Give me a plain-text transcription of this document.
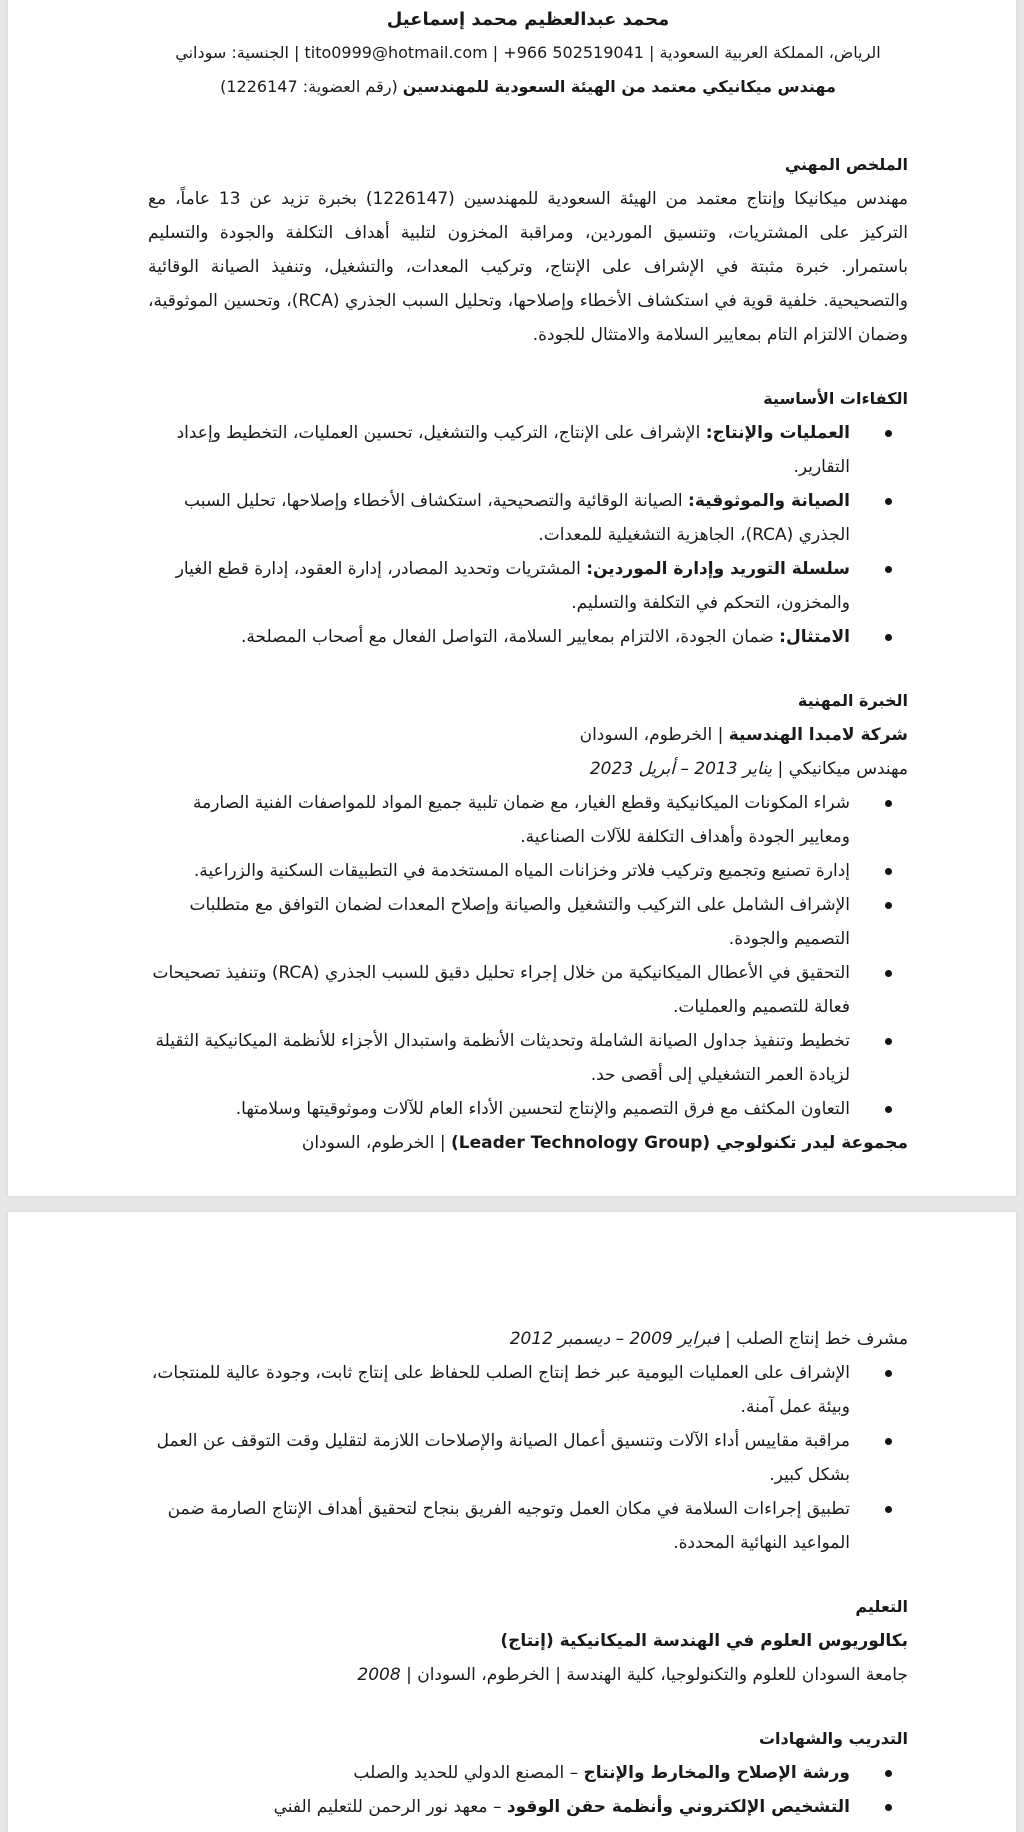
محمد عبدالعظيم محمد إسماعيل
الرياض، المملكة العربية السعودية | 502519041 966+ | tito0999@hotmail.com | الجنسية: سوداني
مهندس ميكانيكي معتمد من الهيئة السعودية للمهندسين (رقم العضوية: 1226147)
الملخص المهني
مهندس ميكانيكا وإنتاج معتمد من الهيئة السعودية للمهندسين (1226147) بخبرة تزيد عن 13 عاماً، مع التركيز على المشتريات، وتنسيق الموردين، ومراقبة المخزون لتلبية أهداف التكلفة والجودة والتسليم باستمرار. خبرة مثبتة في الإشراف على الإنتاج، وتركيب المعدات، والتشغيل، وتنفيذ الصيانة الوقائية والتصحيحية. خلفية قوية في استكشاف الأخطاء وإصلاحها، وتحليل السبب الجذري (RCA)، وتحسين الموثوقية، وضمان الالتزام التام بمعايير السلامة والامتثال للجودة.
الكفاءات الأساسية
العمليات والإنتاج: الإشراف على الإنتاج، التركيب والتشغيل، تحسين العمليات، التخطيط وإعداد التقارير.
الصيانة والموثوقية: الصيانة الوقائية والتصحيحية، استكشاف الأخطاء وإصلاحها، تحليل السبب الجذري (RCA)، الجاهزية التشغيلية للمعدات.
سلسلة التوريد وإدارة الموردين: المشتريات وتحديد المصادر، إدارة العقود، إدارة قطع الغيار والمخزون، التحكم في التكلفة والتسليم.
الامتثال: ضمان الجودة، الالتزام بمعايير السلامة، التواصل الفعال مع أصحاب المصلحة.
الخبرة المهنية
شركة لامبدا الهندسية | الخرطوم، السودان
مهندس ميكانيكي | يناير 2013 – أبريل 2023
شراء المكونات الميكانيكية وقطع الغيار، مع ضمان تلبية جميع المواد للمواصفات الفنية الصارمة ومعايير الجودة وأهداف التكلفة للآلات الصناعية.
إدارة تصنيع وتجميع وتركيب فلاتر وخزانات المياه المستخدمة في التطبيقات السكنية والزراعية.
الإشراف الشامل على التركيب والتشغيل والصيانة وإصلاح المعدات لضمان التوافق مع متطلبات التصميم والجودة.
التحقيق في الأعطال الميكانيكية من خلال إجراء تحليل دقيق للسبب الجذري (RCA) وتنفيذ تصحيحات فعالة للتصميم والعمليات.
تخطيط وتنفيذ جداول الصيانة الشاملة وتحديثات الأنظمة واستبدال الأجزاء للأنظمة الميكانيكية الثقيلة لزيادة العمر التشغيلي إلى أقصى حد.
التعاون المكثف مع فرق التصميم والإنتاج لتحسين الأداء العام للآلات وموثوقيتها وسلامتها.
مجموعة ليدر تكنولوجي (Leader Technology Group) | الخرطوم، السودان
مشرف خط إنتاج الصلب | فبراير 2009 – ديسمبر 2012
الإشراف على العمليات اليومية عبر خط إنتاج الصلب للحفاظ على إنتاج ثابت، وجودة عالية للمنتجات، وبيئة عمل آمنة.
مراقبة مقاييس أداء الآلات وتنسيق أعمال الصيانة والإصلاحات اللازمة لتقليل وقت التوقف عن العمل بشكل كبير.
تطبيق إجراءات السلامة في مكان العمل وتوجيه الفريق بنجاح لتحقيق أهداف الإنتاج الصارمة ضمن المواعيد النهائية المحددة.
التعليم
بكالوريوس العلوم في الهندسة الميكانيكية (إنتاج)
جامعة السودان للعلوم والتكنولوجيا، كلية الهندسة | الخرطوم، السودان | 2008
التدريب والشهادات
ورشة الإصلاح والمخارط والإنتاج – المصنع الدولي للحديد والصلب
التشخيص الإلكتروني وأنظمة حقن الوقود – معهد نور الرحمن للتعليم الفني
